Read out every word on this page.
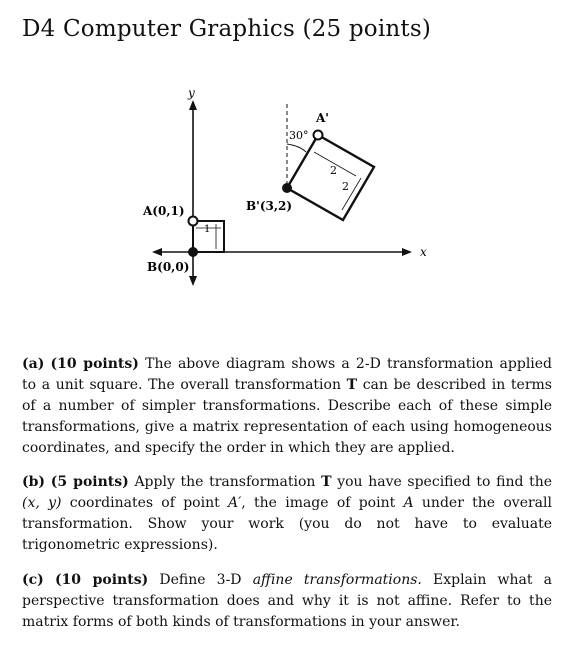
D4 Computer Graphics (25 points)
y
x
1
A(0,1)
B(0,0)
30°
2
2
A'
B'(3,2)
(a) (10 points) The above diagram shows a 2-D transformation applied to a unit square. The overall transformation T can be described in terms of a number of simpler transformations. Describe each of these simple transformations, give a matrix representation of each using homogeneous coordinates, and specify the order in which they are applied.
(b) (5 points) Apply the transformation T you have specified to find the (x, y) coordinates of point A′, the image of point A under the overall transformation. Show your work (you do not have to evaluate trigonometric expressions).
(c) (10 points) Define 3-D affine transformations. Explain what a perspective transformation does and why it is not affine. Refer to the matrix forms of both kinds of transformations in your answer.
